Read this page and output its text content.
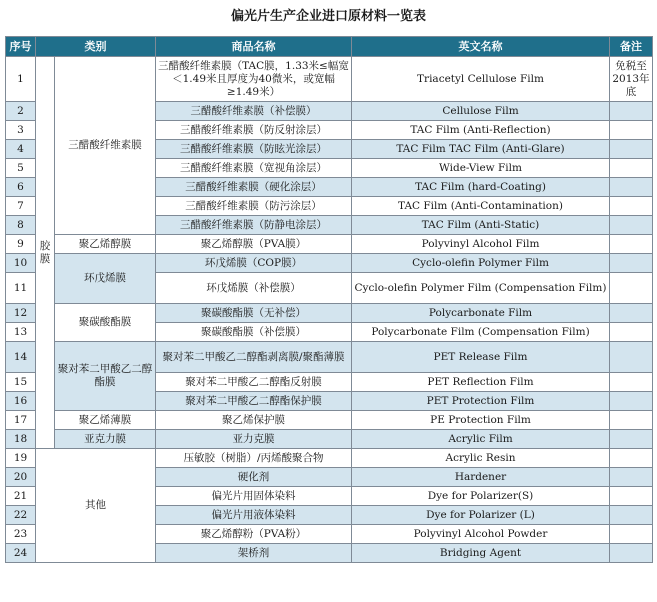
偏光片生产企业进口原材料一览表
序号	类别		商品名称	英文名称	备注
1	胶膜	三醋酸纤维素膜	三醋酸纤维素膜（TAC膜，1.33米≤幅宽＜1.49米且厚度为40微米，或宽幅≥1.49米）	Triacetyl Cellulose Film	免税至2013年底
2			三醋酸纤维素膜（补偿膜）	Cellulose Film	
3			三醋酸纤维素膜（防反射涂层）	TAC Film (Anti-Reflection)	
4			三醋酸纤维素膜（防眩光涂层）	TAC Film TAC Film (Anti-Glare)	
5			三醋酸纤维素膜（宽视角涂层）	Wide-View Film	
6			三醋酸纤维素膜（硬化涂层）	TAC Film (hard-Coating)	
7			三醋酸纤维素膜（防污涂层）	TAC Film (Anti-Contamination)	
8			三醋酸纤维素膜（防静电涂层）	TAC Film (Anti-Static)	
9		聚乙烯醇膜	聚乙烯醇膜（PVA膜）	Polyvinyl Alcohol Film	
10		环戊烯膜	环戊烯膜（COP膜）	Cyclo-olefin Polymer Film	
11			环戊烯膜（补偿膜）	Cyclo-olefin Polymer Film (Compensation Film)	
12		聚碳酸酯膜	聚碳酸酯膜（无补偿）	Polycarbonate Film	
13			聚碳酸酯膜（补偿膜）	Polycarbonate Film (Compensation Film)	
14		聚对苯二甲酸乙二醇酯膜	聚对苯二甲酸乙二醇酯剥离膜/聚酯薄膜	PET Release Film	
15			聚对苯二甲酸乙二醇酯反射膜	PET Reflection Film	
16			聚对苯二甲酸乙二醇酯保护膜	PET Protection Film	
17		聚乙烯薄膜	聚乙烯保护膜	PE Protection Film	
18		亚克力膜	亚力克膜	Acrylic Film	
19	其他		压敏胶（树脂）/丙烯酸聚合物	Acrylic Resin	
20			硬化剂	Hardener	
21			偏光片用固体染料	Dye for Polarizer(S)	
22			偏光片用液体染料	Dye for Polarizer (L)	
23			聚乙烯醇粉（PVA粉）	Polyvinyl Alcohol Powder	
24			架桥剂	Bridging Agent	
